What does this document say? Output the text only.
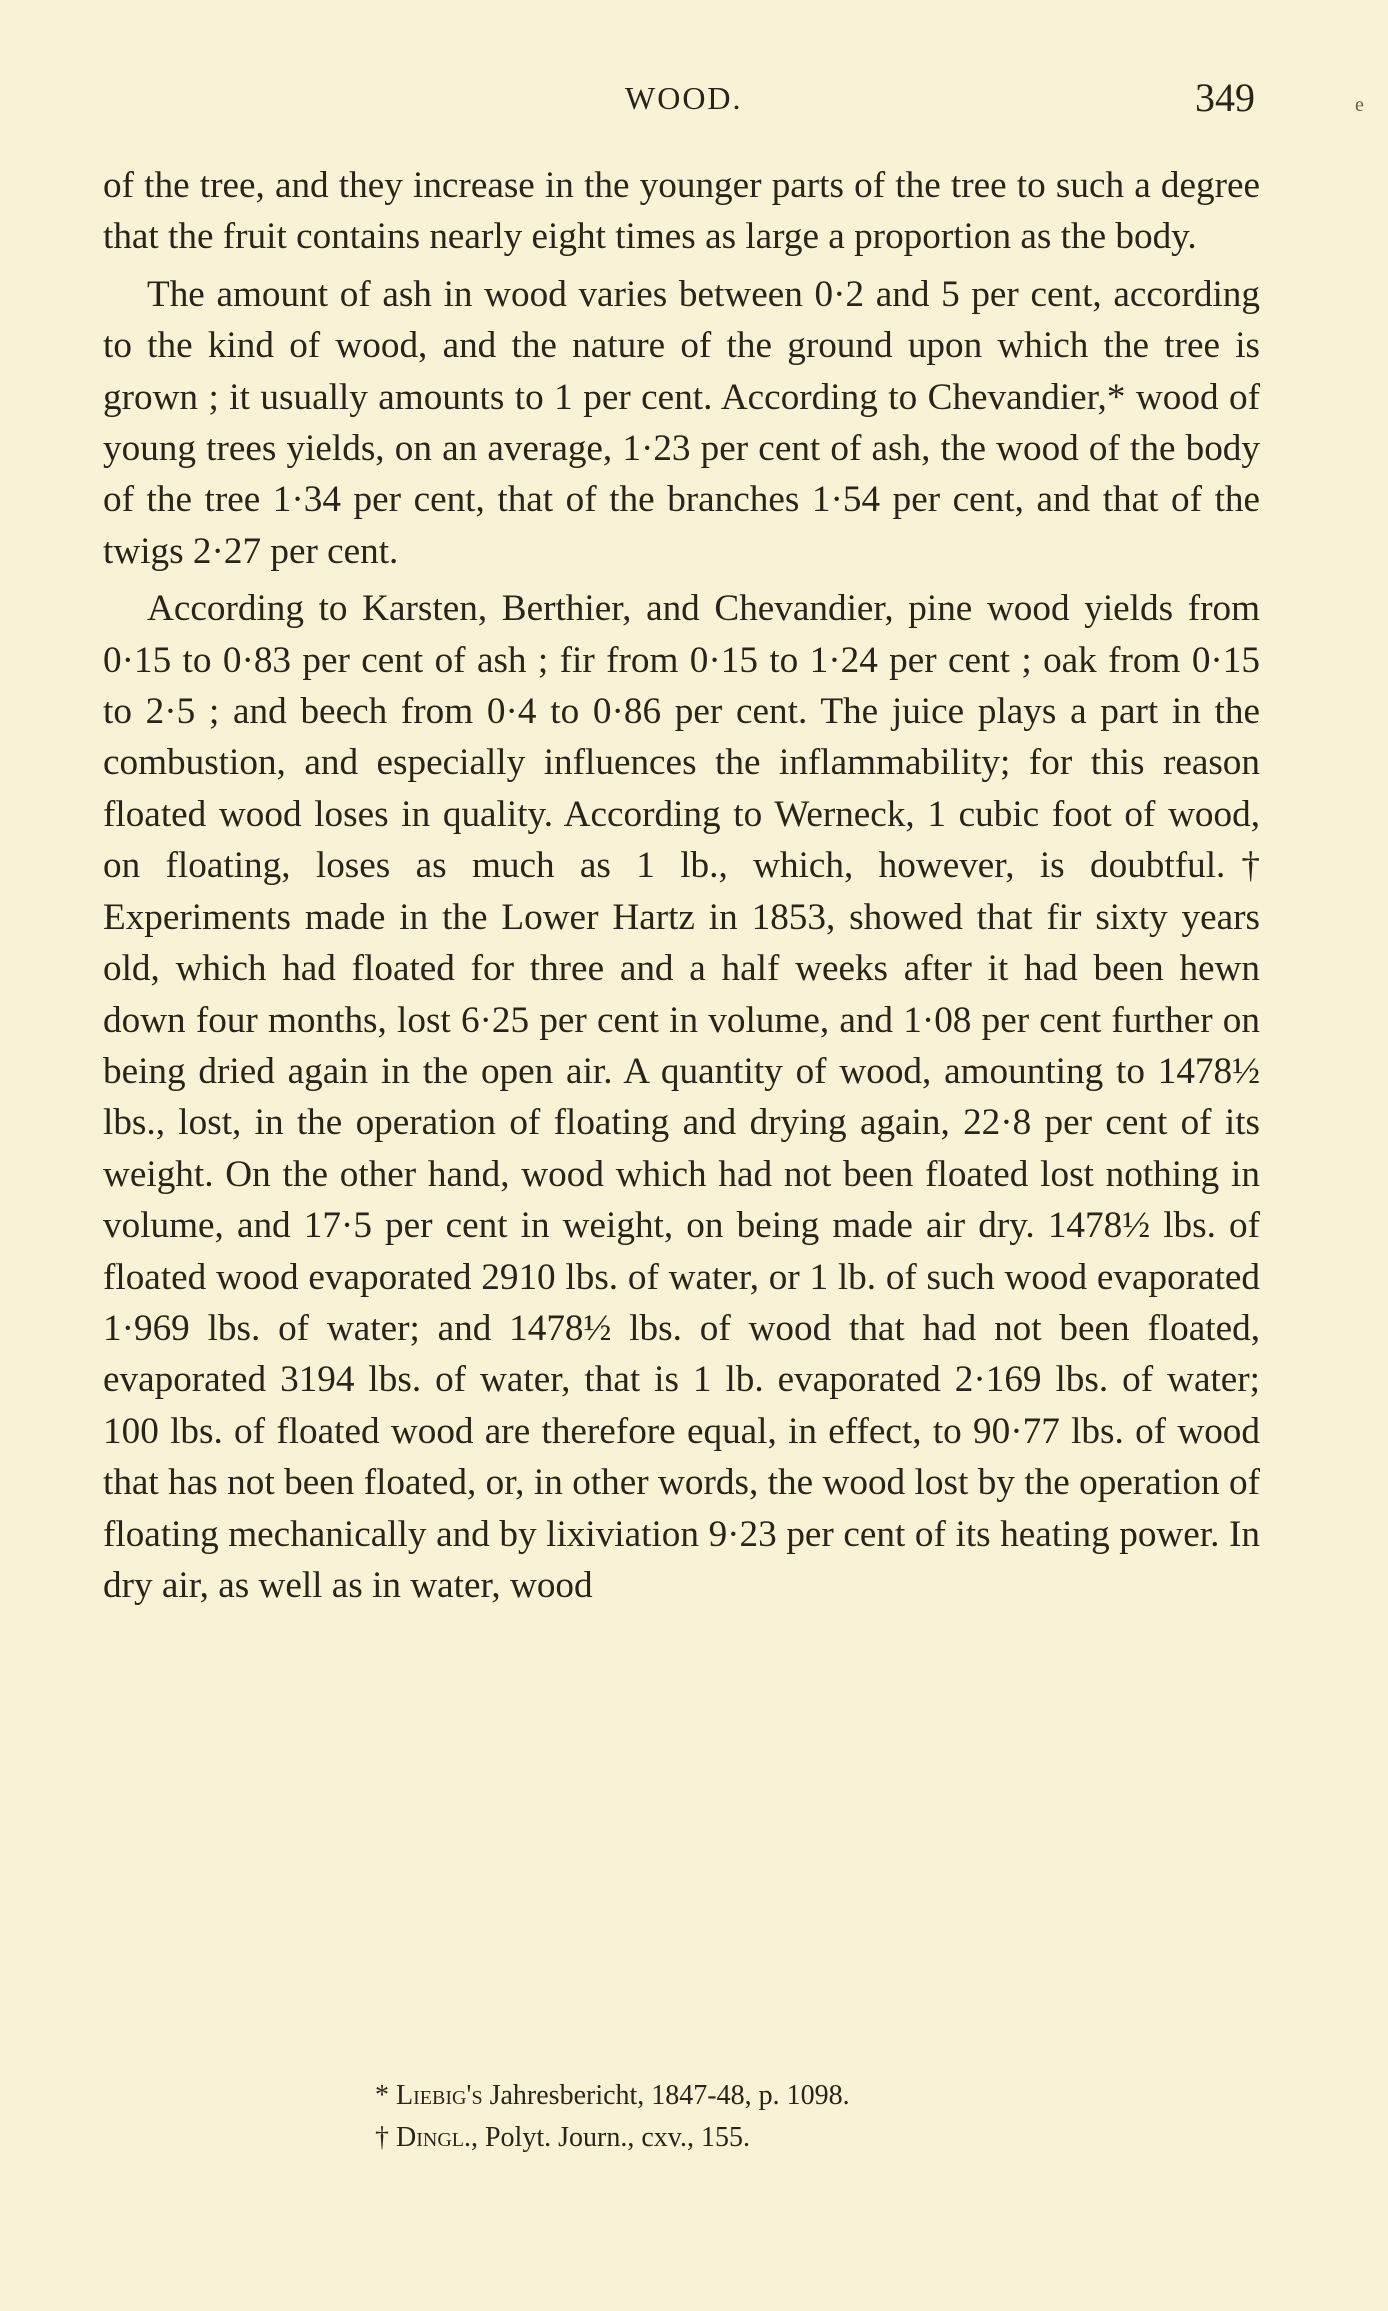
WOOD.	349	e

of the tree, and they increase in the younger parts of the tree to such a degree that the fruit contains nearly eight times as large a proportion as the body.

The amount of ash in wood varies between 0·2 and 5 per cent, according to the kind of wood, and the nature of the ground upon which the tree is grown ; it usually amounts to 1 per cent. According to Chevandier,* wood of young trees yields, on an average, 1·23 per cent of ash, the wood of the body of the tree 1·34 per cent, that of the branches 1·54 per cent, and that of the twigs 2·27 per cent.

According to Karsten, Berthier, and Chevandier, pine wood yields from 0·15 to 0·83 per cent of ash ; fir from 0·15 to 1·24 per cent ; oak from 0·15 to 2·5 ; and beech from 0·4 to 0·86 per cent. The juice plays a part in the combustion, and especially influences the inflammability; for this reason floated wood loses in quality. According to Werneck, 1 cubic foot of wood, on floating, loses as much as 1 lb., which, however, is doubtful.† Experiments made in the Lower Hartz in 1853, showed that fir sixty years old, which had floated for three and a half weeks after it had been hewn down four months, lost 6·25 per cent in volume, and 1·08 per cent further on being dried again in the open air. A quantity of wood, amounting to 1478½ lbs., lost, in the operation of floating and drying again, 22·8 per cent of its weight. On the other hand, wood which had not been floated lost nothing in volume, and 17·5 per cent in weight, on being made air dry. 1478½ lbs. of floated wood evaporated 2910 lbs. of water, or 1 lb. of such wood evaporated 1·969 lbs. of water; and 1478½ lbs. of wood that had not been floated, evaporated 3194 lbs. of water, that is 1 lb. evaporated 2·169 lbs. of water; 100 lbs. of floated wood are therefore equal, in effect, to 90·77 lbs. of wood that has not been floated, or, in other words, the wood lost by the operation of floating mechanically and by lixiviation 9·23 per cent of its heating power. In dry air, as well as in water, wood

* Liebig's Jahresbericht, 1847-48, p. 1098.

† Dingl., Polyt. Journ., cxv., 155.
